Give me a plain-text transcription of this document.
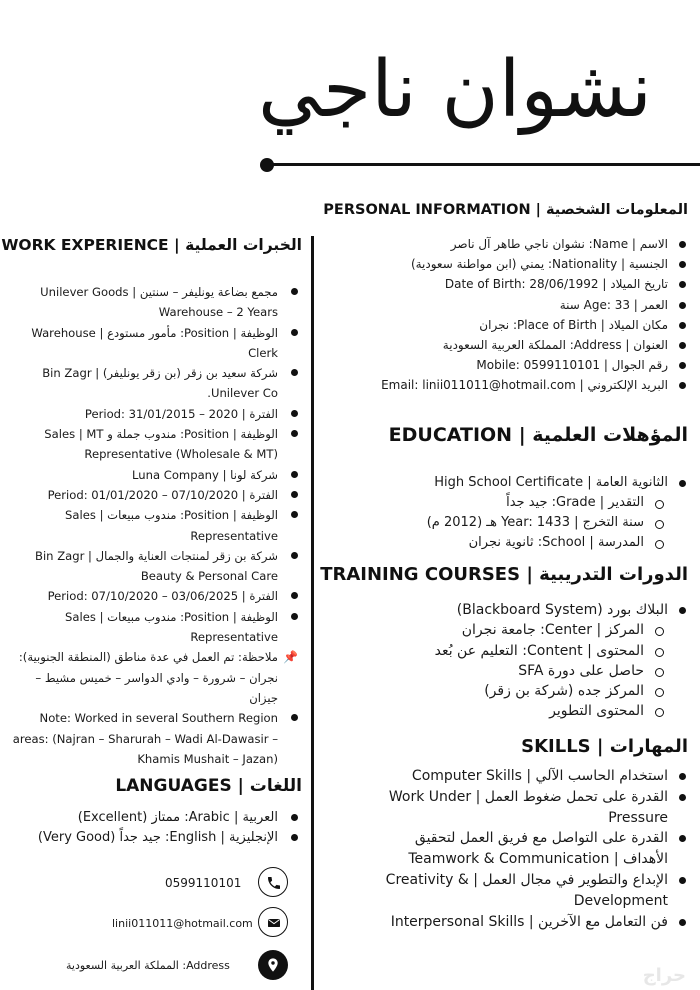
نشوان ناجي
المعلومات الشخصية | PERSONAL INFORMATION
الاسم | Name: نشوان ناجي طاهر آل ناصر
الجنسية | Nationality: يمني (ابن مواطنة سعودية)
تاريخ الميلاد | Date of Birth: 28/06/1992
العمر | Age: 33 سنة
مكان الميلاد | Place of Birth: نجران
العنوان | Address: المملكة العربية السعودية
رقم الجوال | Mobile: 0599110101
البريد الإلكتروني | Email: linii011011@hotmail.com
المؤهلات العلمية | EDUCATION
الثانوية العامة | High School Certificate
التقدير | Grade: جيد جداً
سنة التخرج | Year: 1433 هـ (2012 م)
المدرسة | School: ثانوية نجران
الدورات التدريبية | TRAINING COURSES
البلاك بورد (Blackboard System)
المركز | Center: جامعة نجران
المحتوى | Content: التعليم عن بُعد
حاصل على دورة SFA
المركز جده (شركة بن زقر)
المحتوى التطوير
المهارات | SKILLS
استخدام الحاسب الآلي | Computer Skills
القدرة على تحمل ضغوط العمل | Work Under Pressure
القدرة على التواصل مع فريق العمل لتحقيق الأهداف | Teamwork & Communication
الإبداع والتطوير في مجال العمل | Creativity & Development
فن التعامل مع الآخرين | Interpersonal Skills
الخبرات العملية | WORK EXPERIENCE
مجمع بضاعة يونليفر – سنتين | Unilever Goods Warehouse – 2 Years
الوظيفة | Position: مأمور مستودع | Warehouse Clerk
شركة سعيد بن زقر (بن زقر يونليفر) | Bin Zagr Unilever Co.
الفترة | Period: 31/01/2015 – 2020
الوظيفة | Position: مندوب جملة و Sales | MT Representative (Wholesale & MT)
شركة لونا | Luna Company
الفترة | Period: 01/01/2020 – 07/10/2020
الوظيفة | Position: مندوب مبيعات | Sales Representative
شركة بن زقر لمنتجات العناية والجمال | Bin Zagr Beauty & Personal Care
الفترة | Period: 07/10/2020 – 03/06/2025
الوظيفة | Position: مندوب مبيعات | Sales Representative
📌
ملاحظة: تم العمل في عدة مناطق (المنطقة الجنوبية): نجران – شرورة – وادي الدواسر – خميس مشيط – جيزان
Note: Worked in several Southern Region areas: (Najran – Sharurah – Wadi Al-Dawasir – Khamis Mushait – Jazan)
اللغات | LANGUAGES
العربية | Arabic: ممتاز (Excellent)
الإنجليزية | English: جيد جداً (Very Good)
0599110101
linii011011@hotmail.com
Address: المملكة العربية السعودية	حراج
